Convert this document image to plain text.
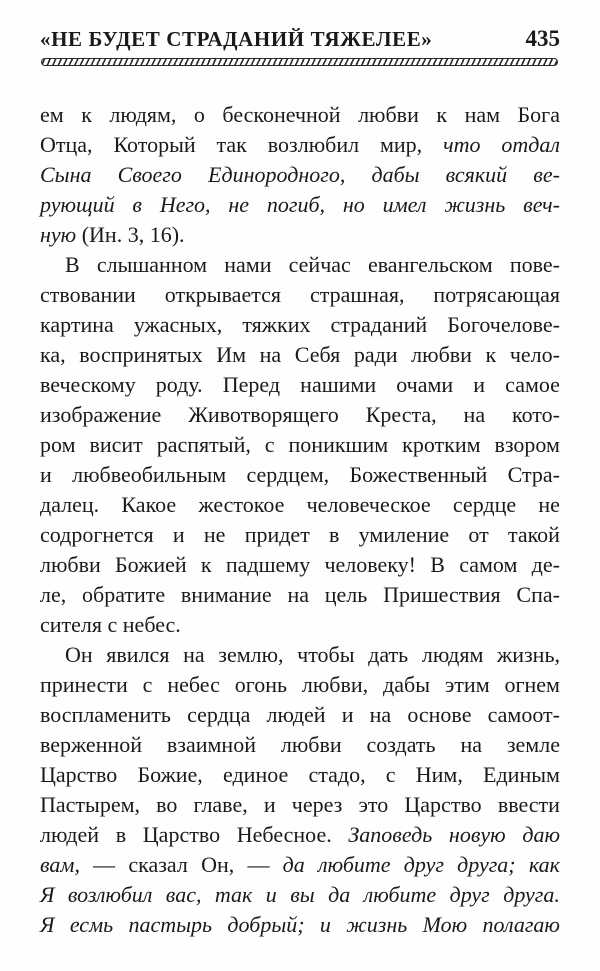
«НЕ БУДЕТ СТРАДАНИЙ ТЯЖЕЛЕЕ»	435
ем к людям, о бесконечной любви к нам Бога
Отца, Который так возлюбил мир, что отдал
Сына Своего Единородного, дабы всякий ве-
рующий в Него, не погиб, но имел жизнь веч-
ную (Ин. 3, 16).
В слышанном нами сейчас евангельском пове-
ствовании открывается страшная, потрясающая
картина ужасных, тяжких страданий Богочелове-
ка, воспринятых Им на Себя ради любви к чело-
веческому роду. Перед нашими очами и самое
изображение Животворящего Креста, на кото-
ром висит распятый, с поникшим кротким взором
и любвеобильным сердцем, Божественный Стра-
далец. Какое жестокое человеческое сердце не
содрогнется и не придет в умиление от такой
любви Божией к падшему человеку! В самом де-
ле, обратите внимание на цель Пришествия Спа-
сителя с небес.
Он явился на землю, чтобы дать людям жизнь,
принести с небес огонь любви, дабы этим огнем
воспламенить сердца людей и на основе самоот-
верженной взаимной любви создать на земле
Царство Божие, единое стадо, с Ним, Единым
Пастырем, во главе, и через это Царство ввести
людей в Царство Небесное. Заповедь новую даю
вам, — сказал Он, — да любите друг друга; как
Я возлюбил вас, так и вы да любите друг друга.
Я есмь пастырь добрый; и жизнь Мою полагаю
